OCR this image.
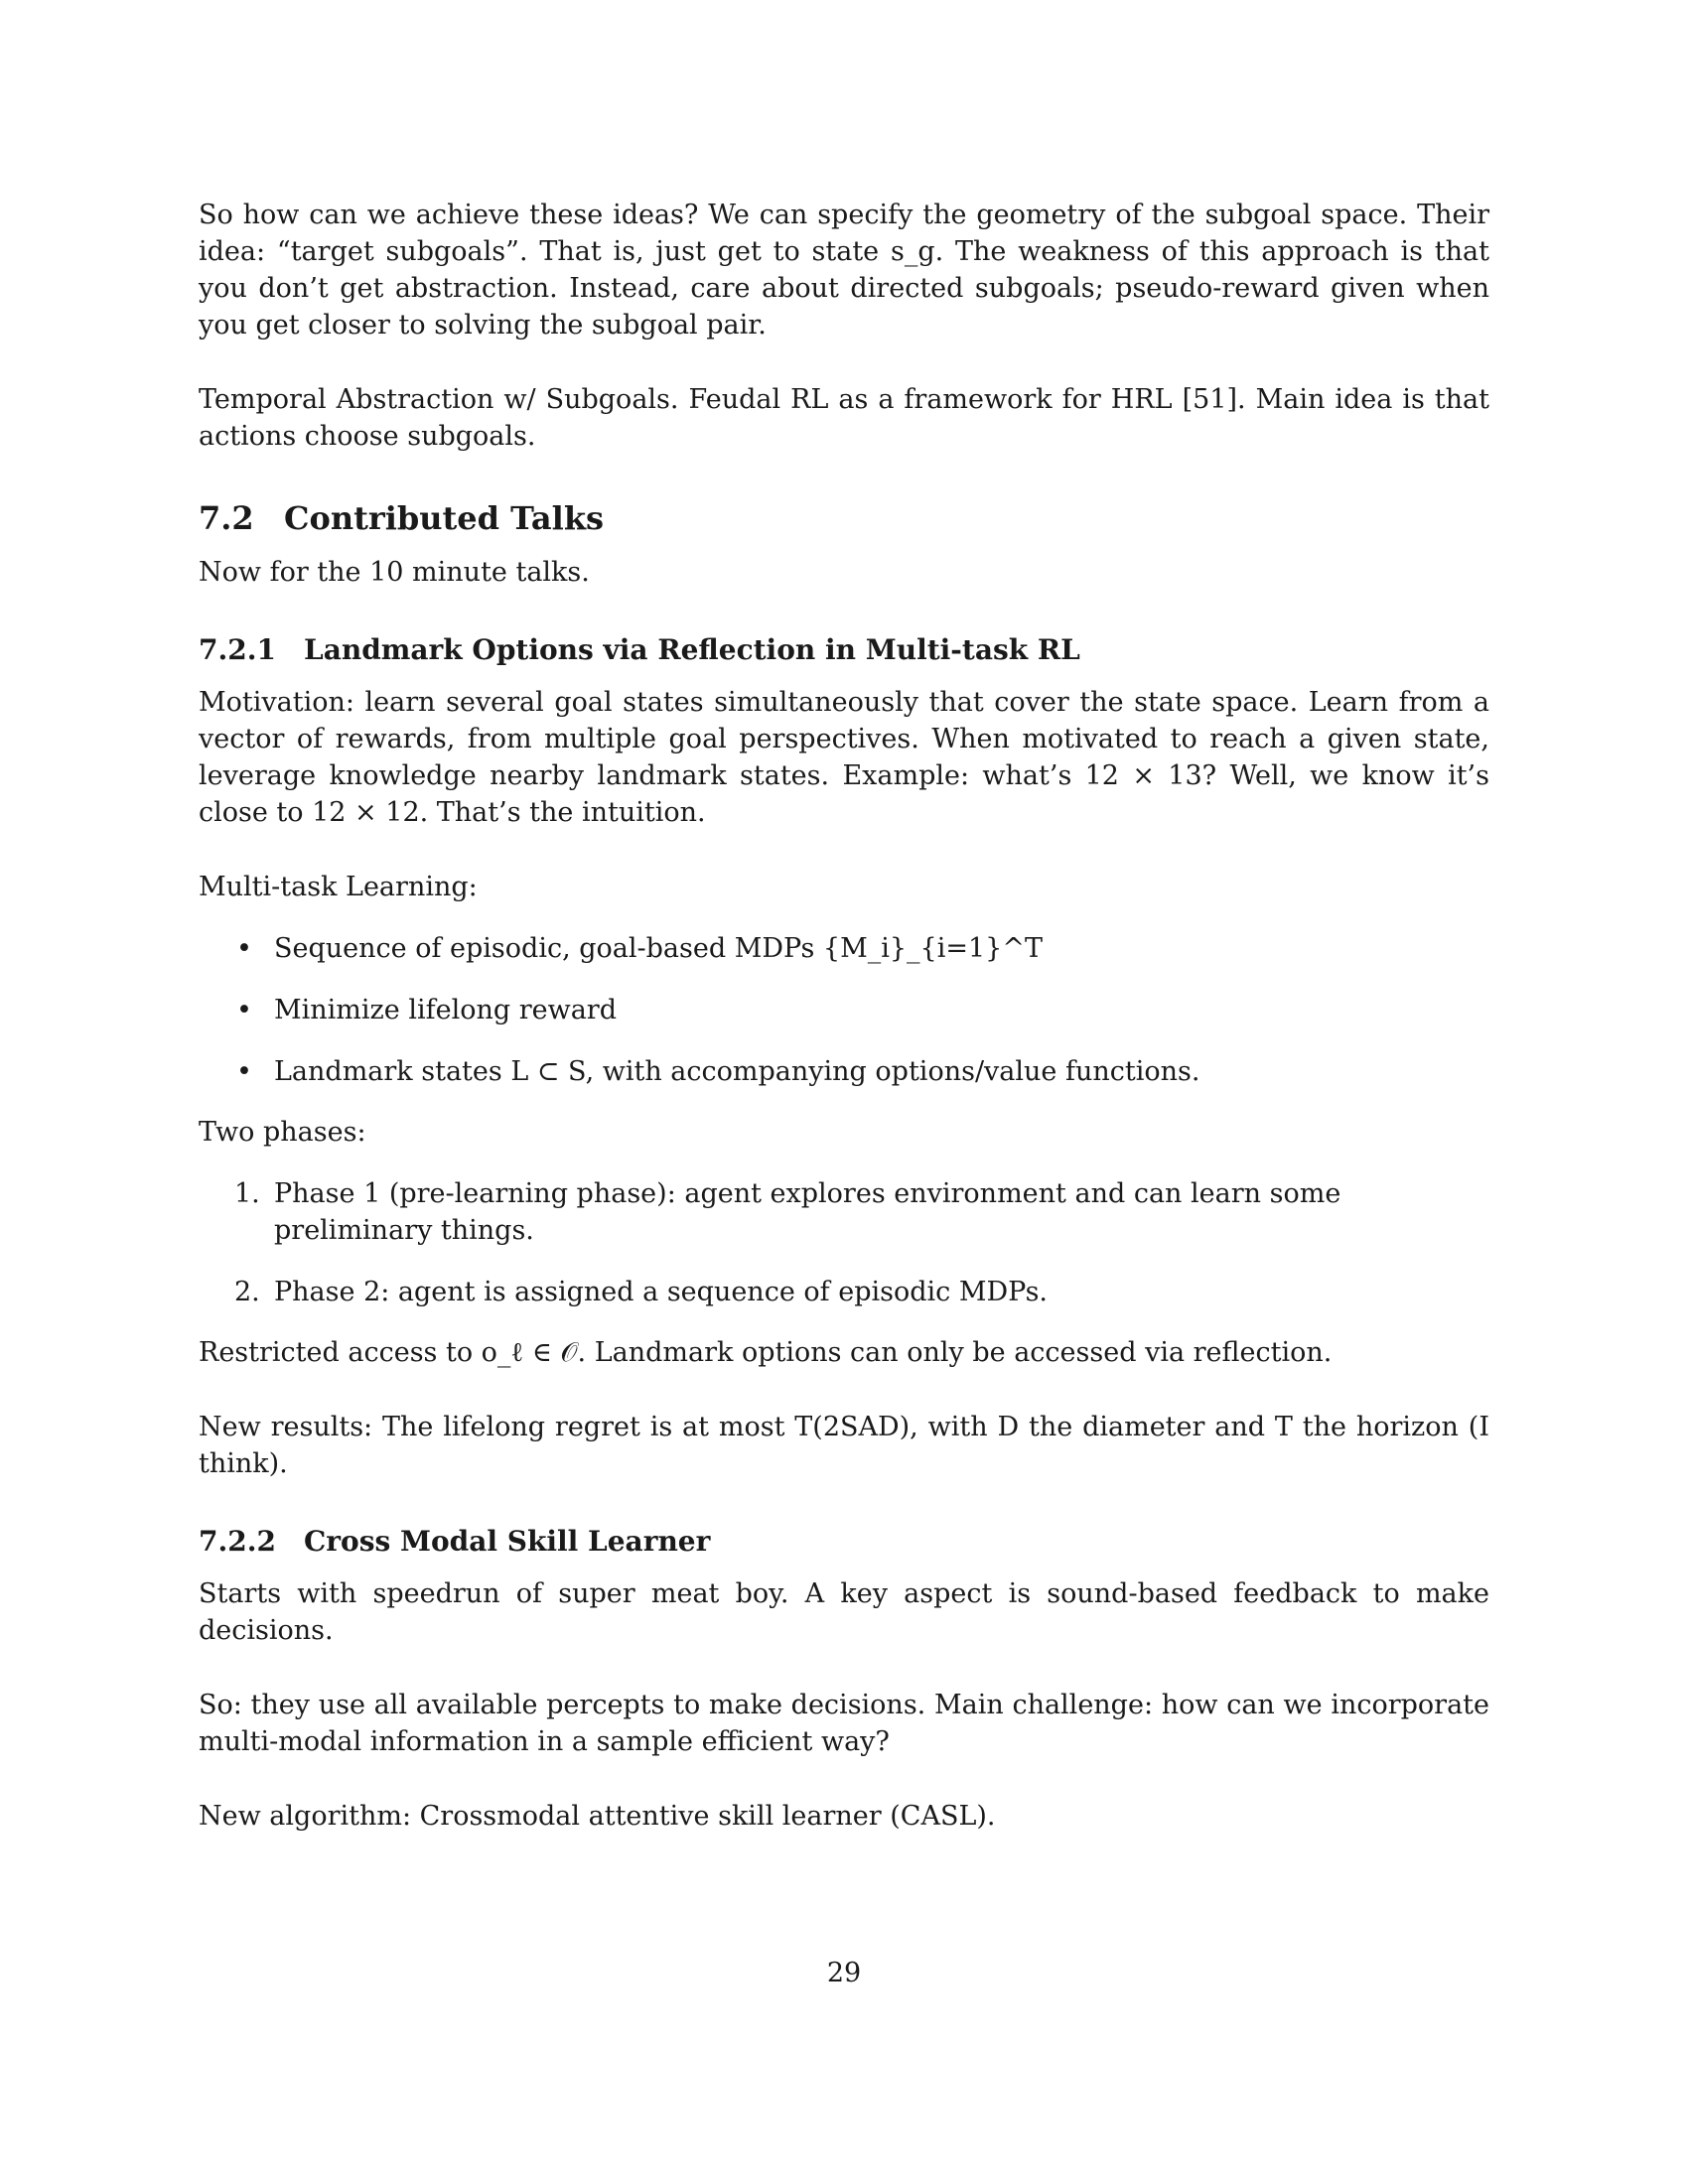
So how can we achieve these ideas? We can specify the geometry of the subgoal space. Their idea: “target subgoals”. That is, just get to state s_g. The weakness of this approach is that you don’t get abstraction. Instead, care about directed subgoals; pseudo-reward given when you get closer to solving the subgoal pair.

Temporal Abstraction w/ Subgoals. Feudal RL as a framework for HRL [51]. Main idea is that actions choose subgoals.

7.2 Contributed Talks

Now for the 10 minute talks.

7.2.1 Landmark Options via Reflection in Multi-task RL

Motivation: learn several goal states simultaneously that cover the state space. Learn from a vector of rewards, from multiple goal perspectives. When motivated to reach a given state, leverage knowledge nearby landmark states. Example: what’s 12 × 13? Well, we know it’s close to 12 × 12. That’s the intuition.

Multi-task Learning:

• Sequence of episodic, goal-based MDPs {M_i}_{i=1}^T
• Minimize lifelong reward
• Landmark states L ⊂ S, with accompanying options/value functions.

Two phases:

1. Phase 1 (pre-learning phase): agent explores environment and can learn some preliminary things.
2. Phase 2: agent is assigned a sequence of episodic MDPs.

Restricted access to o_ℓ ∈ 𝒪. Landmark options can only be accessed via reflection.

New results: The lifelong regret is at most T(2SAD), with D the diameter and T the horizon (I think).

7.2.2 Cross Modal Skill Learner

Starts with speedrun of super meat boy. A key aspect is sound-based feedback to make decisions.

So: they use all available percepts to make decisions. Main challenge: how can we incorporate multi-modal information in a sample efficient way?

New algorithm: Crossmodal attentive skill learner (CASL).

29
